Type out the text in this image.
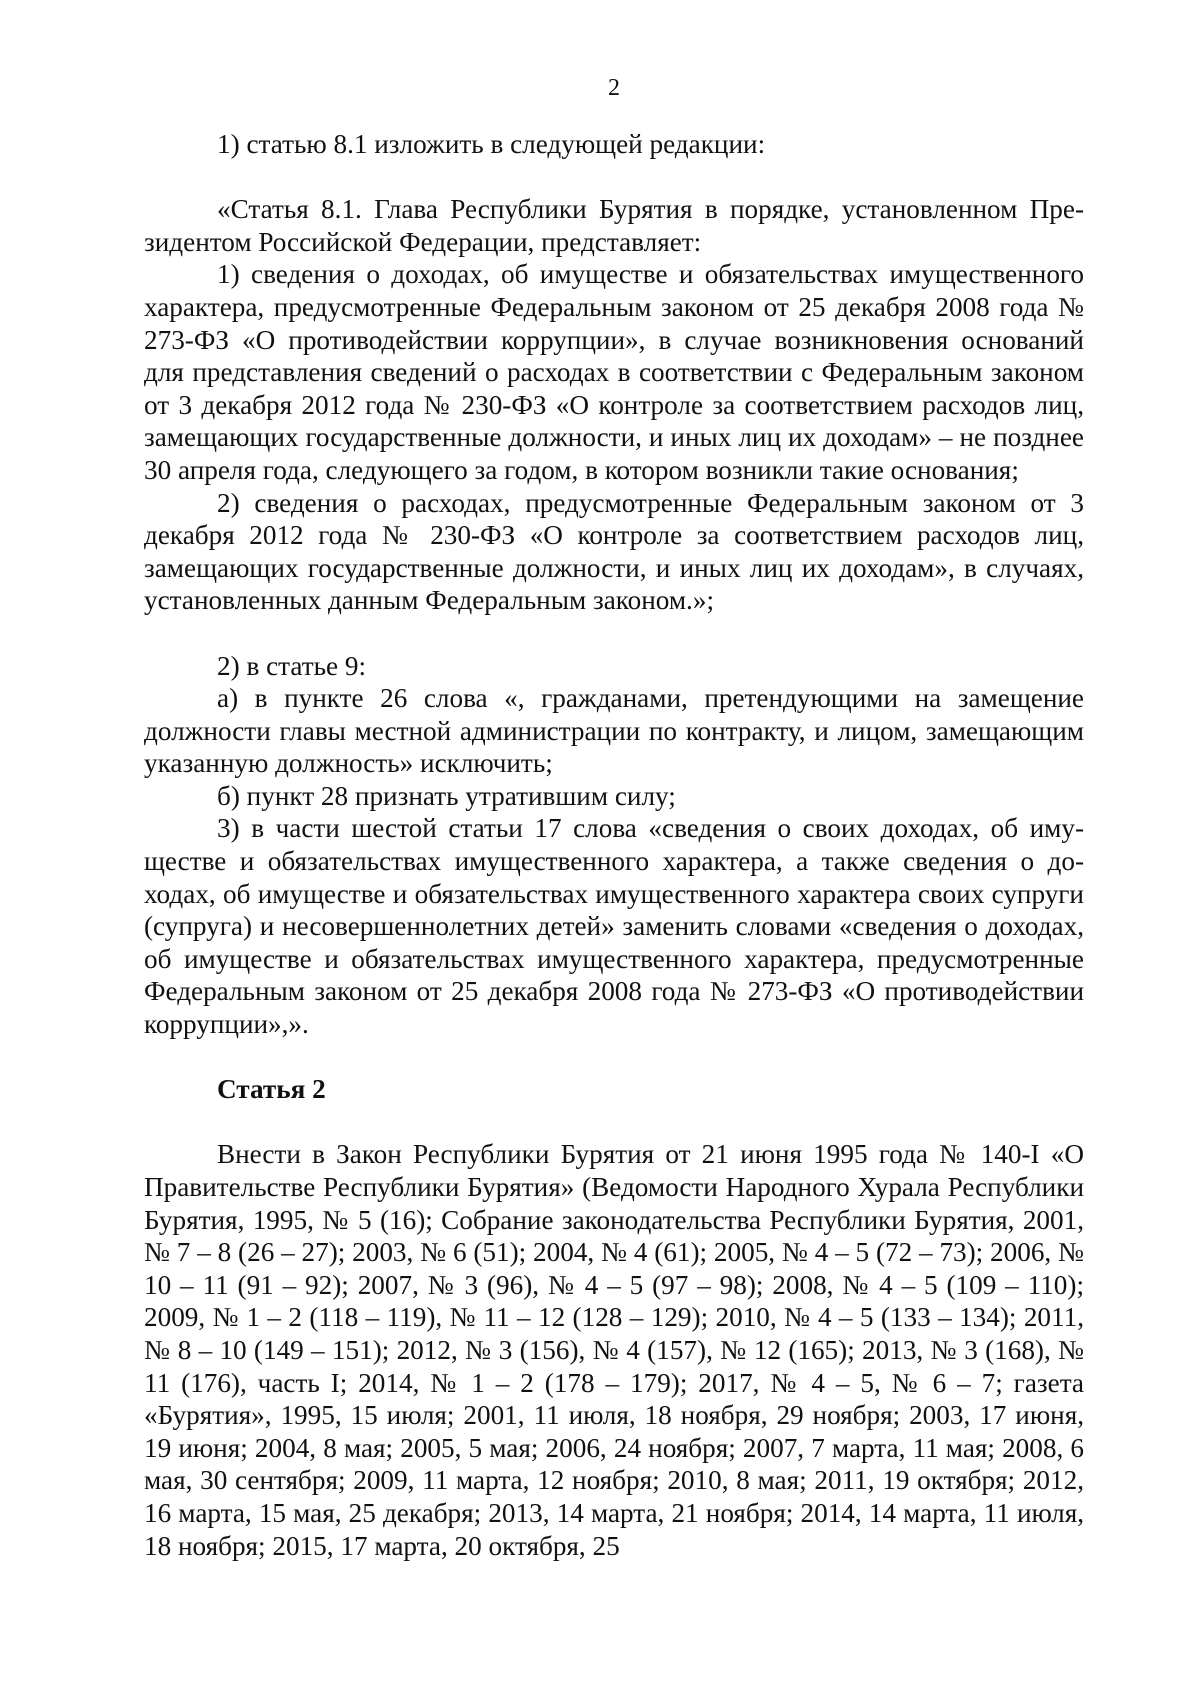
2

1) статью 8.1 изложить в следующей редакции:

«Статья 8.1. Глава Республики Бурятия в порядке, установленном Президентом Российской Федерации, представляет:

1) сведения о доходах, об имуществе и обязательствах имущественного характера, предусмотренные Федеральным законом от 25 декабря 2008 года № 273-ФЗ «О противодействии коррупции», в случае возникновения оснований для представления сведений о расходах в соответствии с Федеральным законом от 3 декабря 2012 года № 230-ФЗ «О контроле за соответствием расходов лиц, замещающих государственные должности, и иных лиц их доходам» – не позднее 30 апреля года, следующего за годом, в котором возникли такие основания;

2) сведения о расходах, предусмотренные Федеральным законом от 3 декабря 2012 года № 230-ФЗ «О контроле за соответствием расходов лиц, замещающих государственные должности, и иных лиц их доходам», в случаях, установленных данным Федеральным законом.»;

2) в статье 9:

а) в пункте 26 слова «, гражданами, претендующими на замещение должности главы местной администрации по контракту, и лицом, замещающим указанную должность» исключить;

б) пункт 28 признать утратившим силу;

3) в части шестой статьи 17 слова «сведения о своих доходах, об имуществе и обязательствах имущественного характера, а также сведения о доходах, об имуществе и обязательствах имущественного характера своих супруги (супруга) и несовершеннолетних детей» заменить словами «сведения о доходах, об имуществе и обязательствах имущественного характера, предусмотренные Федеральным законом от 25 декабря 2008 года № 273-ФЗ «О противодействии коррупции»,».

Статья 2

Внести в Закон Республики Бурятия от 21 июня 1995 года № 140-I «О Правительстве Республики Бурятия» (Ведомости Народного Хурала Республики Бурятия, 1995, № 5 (16); Собрание законодательства Республики Бурятия, 2001, № 7 – 8 (26 – 27); 2003, № 6 (51); 2004, № 4 (61); 2005, № 4 – 5 (72 – 73); 2006, № 10 – 11 (91 – 92); 2007, № 3 (96), № 4 – 5 (97 – 98); 2008, № 4 – 5 (109 – 110); 2009, № 1 – 2 (118 – 119), № 11 – 12 (128 – 129); 2010, № 4 – 5 (133 – 134); 2011, № 8 – 10 (149 – 151); 2012, № 3 (156), № 4 (157), № 12 (165); 2013, № 3 (168), № 11 (176), часть I; 2014, № 1 – 2 (178 – 179); 2017, № 4 – 5, № 6 – 7; газета «Бурятия», 1995, 15 июля; 2001, 11 июля, 18 ноября, 29 ноября; 2003, 17 июня, 19 июня; 2004, 8 мая; 2005, 5 мая; 2006, 24 ноября; 2007, 7 марта, 11 мая; 2008, 6 мая, 30 сентября; 2009, 11 марта, 12 ноября; 2010, 8 мая; 2011, 19 октября; 2012, 16 марта, 15 мая, 25 декабря; 2013, 14 марта, 21 ноября; 2014, 14 марта, 11 июля, 18 ноября; 2015, 17 марта, 20 октября, 25
